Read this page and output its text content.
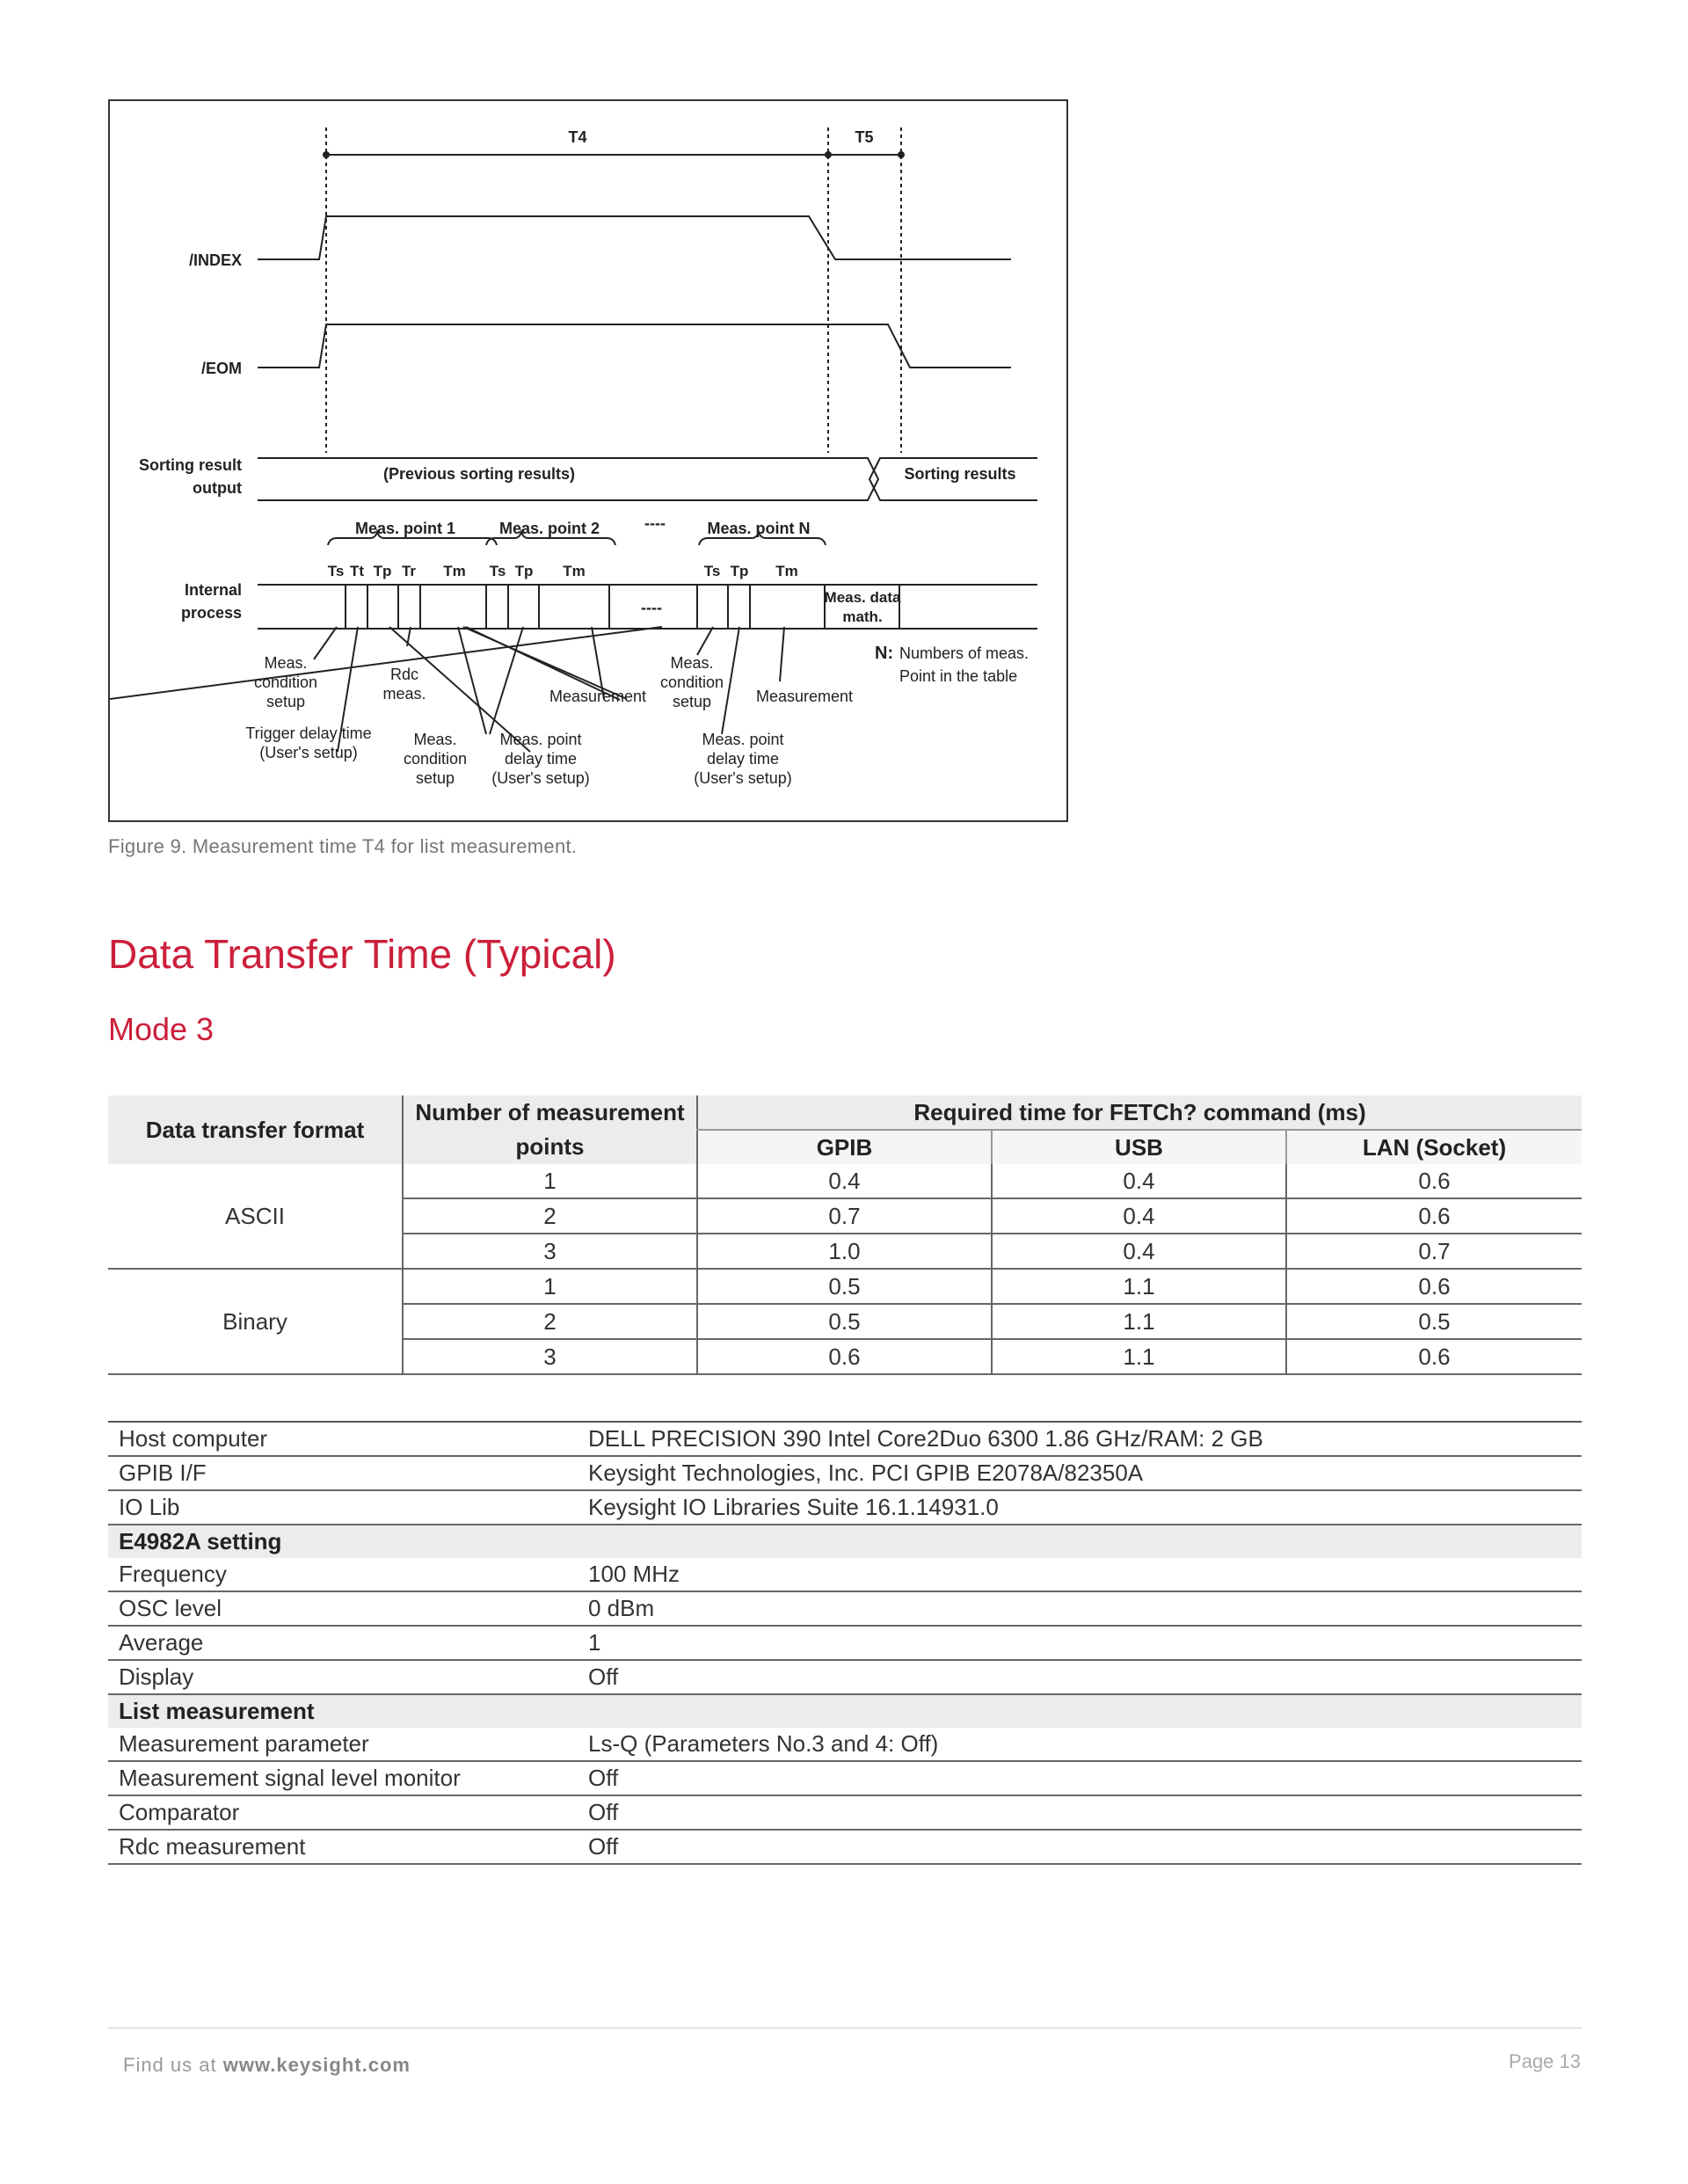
T4	T5
(Previous sorting results)	Sorting results
Meas. point 1	Meas. point 2	----	Meas. point N
----
/INDEX
/EOM
Sorting result
output
Internal
process
Ts Tt Tp Tr Tm Ts Tp Tm	Ts Tp Tm
Meas. data
math.
N: Numbers of meas.
Point in the table
Meas.
condition
setup
Rdc
meas.	Measurement
Meas.
condition
setup	Measurement
Trigger delay time
(User's setup)
Meas.
condition
setup
Meas. point
delay time
(User's setup)
Meas. point
delay time
(User's setup)
Figure 9. Measurement time T4 for list measurement.
Data Transfer Time (Typical)
Mode 3
Data transfer format	Number of measurement	Required time for FETCh? command (ms)		
	points	GPIB	USB	LAN (Socket)
ASCII	1	0.4	0.4	0.6
	2	0.7	0.4	0.6
	3	1.0	0.4	0.7
Binary	1	0.5	1.1	0.6
	2	0.5	1.1	0.5
	3	0.6	1.1	0.6
Host computer	DELL PRECISION 390 Intel Core2Duo 6300 1.86 GHz/RAM: 2 GB
GPIB I/F	Keysight Technologies, Inc. PCI GPIB E2078A/82350A
IO Lib	Keysight IO Libraries Suite 16.1.14931.0
E4982A setting	
Frequency	100 MHz
OSC level	0 dBm
Average	1
Display	Off
List measurement	
Measurement parameter	Ls-Q (Parameters No.3 and 4: Off)
Measurement signal level monitor	Off
Comparator	Off
Rdc measurement	Off
Find us at www.keysight.com	Page 13
